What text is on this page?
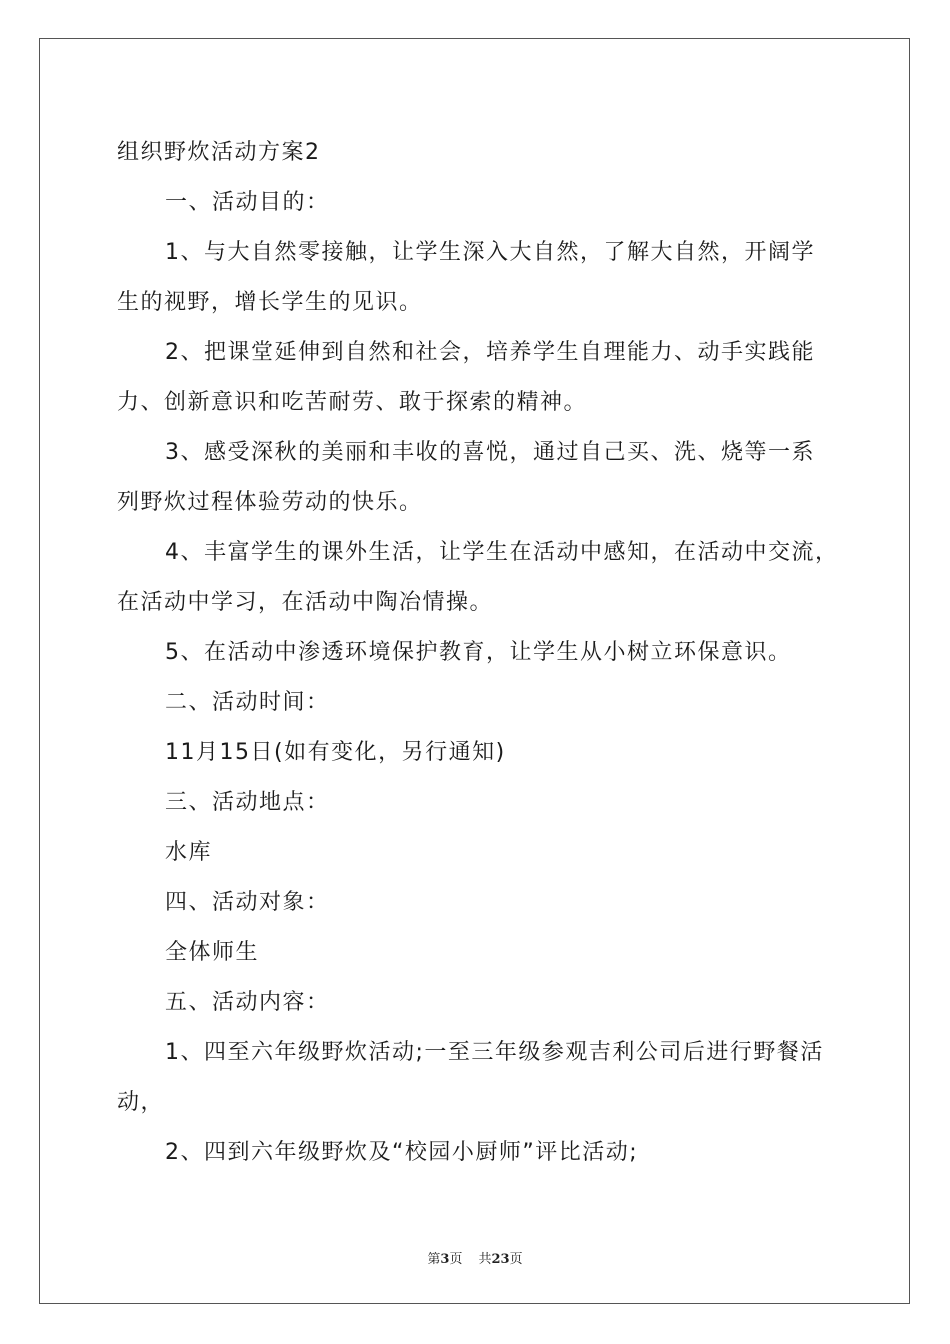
组织野炊活动方案2
一、活动目的：
1、与大自然零接触，让学生深入大自然，了解大自然，开阔学
生的视野，增长学生的见识。
2、把课堂延伸到自然和社会，培养学生自理能力、动手实践能
力、创新意识和吃苦耐劳、敢于探索的精神。
3、感受深秋的美丽和丰收的喜悦，通过自己买、洗、烧等一系
列野炊过程体验劳动的快乐。
4、丰富学生的课外生活，让学生在活动中感知，在活动中交流，
在活动中学习，在活动中陶冶情操。
5、在活动中渗透环境保护教育，让学生从小树立环保意识。
二、活动时间：
11月15日(如有变化，另行通知)
三、活动地点：
水库
四、活动对象：
全体师生
五、活动内容：
1、四至六年级野炊活动;一至三年级参观吉利公司后进行野餐活
动，
2、四到六年级野炊及“校园小厨师”评比活动;
第3页 共23页
